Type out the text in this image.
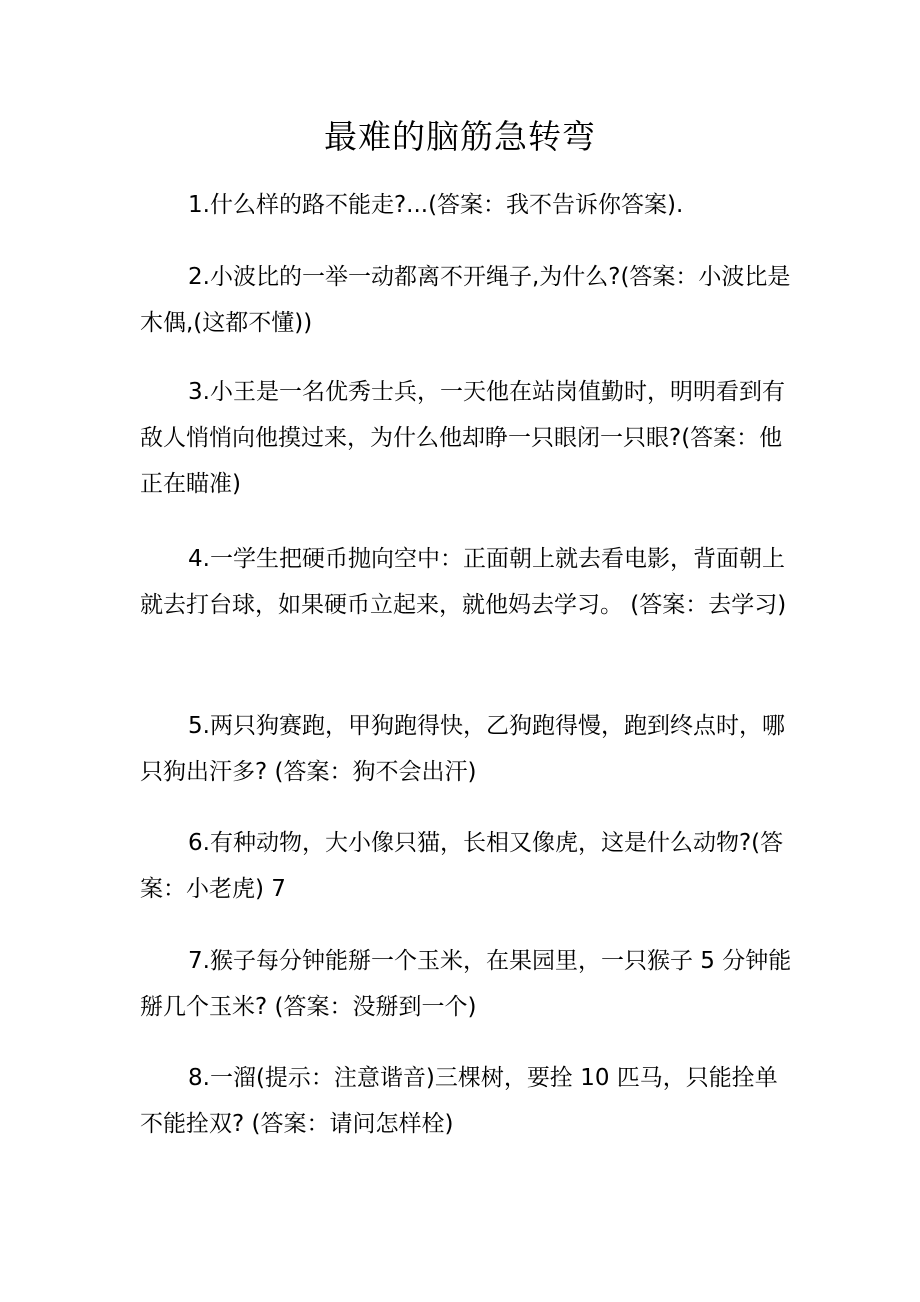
最难的脑筋急转弯

1.什么样的路不能走?...(答案：我不告诉你答案).

2.小波比的一举一动都离不开绳子,为什么?(答案：小波比是木偶,(这都不懂))

3.小王是一名优秀士兵，一天他在站岗值勤时，明明看到有敌人悄悄向他摸过来，为什么他却睁一只眼闭一只眼?(答案：他正在瞄准)

4.一学生把硬币抛向空中：正面朝上就去看电影，背面朝上就去打台球，如果硬币立起来，就他妈去学习。 (答案：去学习)

5.两只狗赛跑，甲狗跑得快，乙狗跑得慢，跑到终点时，哪只狗出汗多? (答案：狗不会出汗)

6.有种动物，大小像只猫，长相又像虎，这是什么动物?(答案：小老虎) 7

7.猴子每分钟能掰一个玉米，在果园里，一只猴子 5 分钟能掰几个玉米? (答案：没掰到一个)

8.一溜(提示：注意谐音)三棵树，要拴 10 匹马，只能拴单不能拴双? (答案：请问怎样栓)
